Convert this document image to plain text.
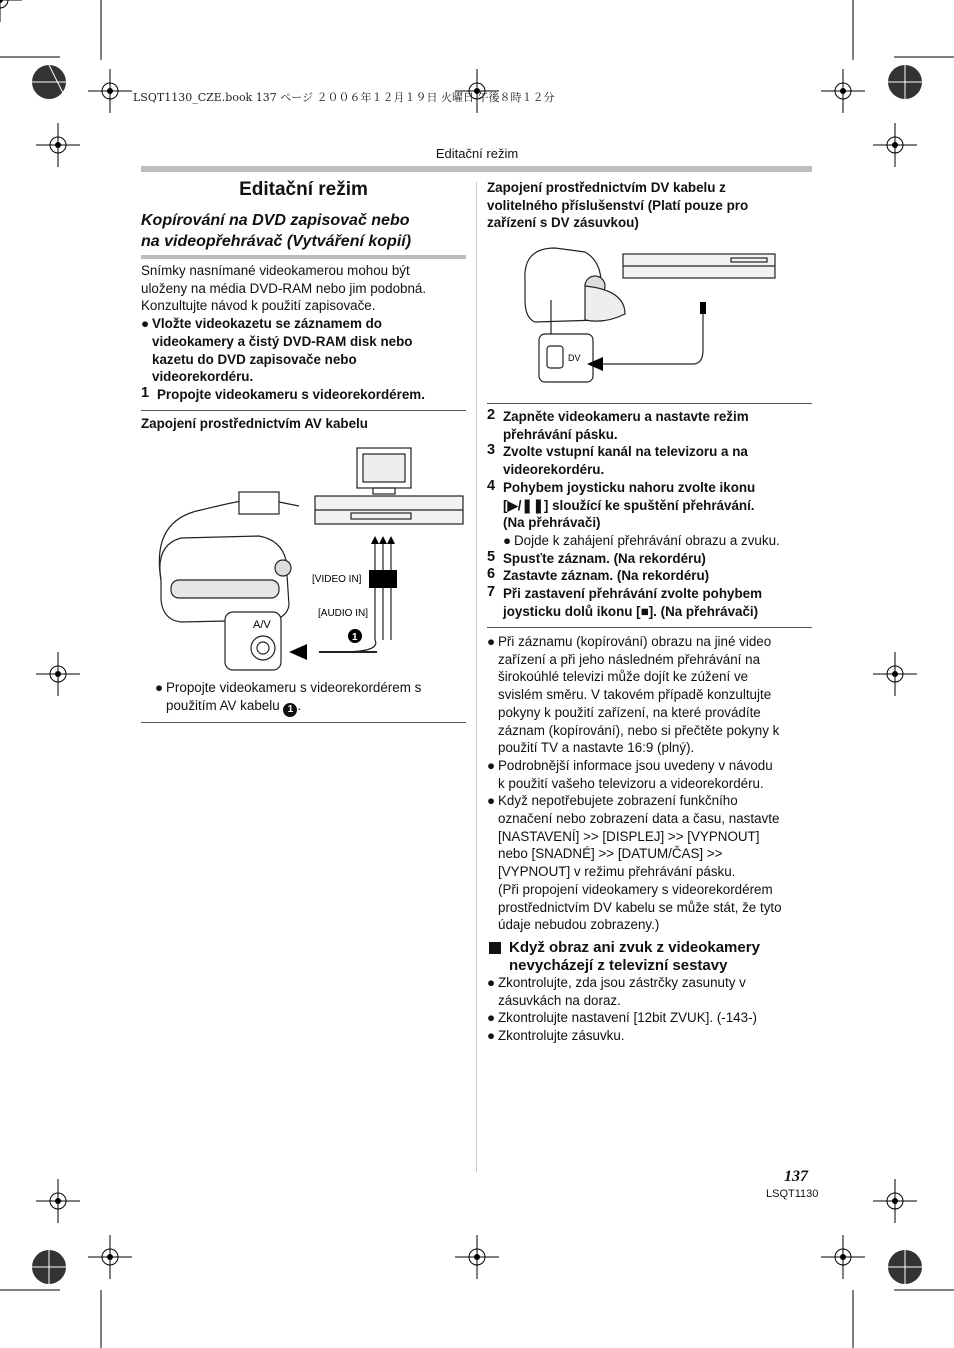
LSQT1130_CZE.book 137 ページ ２００６年１２月１９日 火曜日 午後８時１２分
Editační režim
Editační režim
Kopírování na DVD zapisovač nebo
na videopřehrávač (Vytváření kopií)
Snímky nasnímané videokamerou mohou být
uloženy na média DVD-RAM nebo jim podobná.
Konzultujte návod k použití zapisovače.
● Vložte videokazetu se záznamem do
videokamery a čistý DVD-RAM disk nebo
kazetu do DVD zapisovače nebo
videorekordéru.
1 Propojte videokameru s videorekordérem.
Zapojení prostřednictvím AV kabelu
[VIDEO IN]
[AUDIO IN]
A/V
1
● Propojte videokameru s videorekordérem s
použitím AV kabelu 1 .
Zapojení prostřednictvím DV kabelu z
volitelného příslušenství (Platí pouze pro
zařízení s DV zásuvkou)
DV
2 Zapněte videokameru a nastavte režim
přehrávání pásku.
3 Zvolte vstupní kanál na televizoru a na
videorekordéru.
4 Pohybem joysticku nahoru zvolte ikonu
[▶/❚❚] sloužící ke spuštění přehrávání.
(Na přehrávači)
● Dojde k zahájení přehrávání obrazu a zvuku.
5 Spusťte záznam. (Na rekordéru)
6 Zastavte záznam. (Na rekordéru)
7 Při zastavení přehrávání zvolte pohybem
joysticku dolů ikonu [■]. (Na přehrávači)
● Při záznamu (kopírování) obrazu na jiné video
zařízení a při jeho následném přehrávání na
širokoúhlé televizi může dojít ke zúžení ve
svislém směru. V takovém případě konzultujte
pokyny k použití zařízení, na které provádíte
záznam (kopírování), nebo si přečtěte pokyny k
použití TV a nastavte 16:9 (plný).
● Podrobnější informace jsou uvedeny v návodu
k použití vašeho televizoru a videorekordéru.
● Když nepotřebujete zobrazení funkčního
označení nebo zobrazení data a času, nastavte
[NASTAVENÍ] >> [DISPLEJ] >> [VYPNOUT]
nebo [SNADNÉ] >> [DATUM/ČAS] >>
[VYPNOUT] v režimu přehrávání pásku.
(Při propojení videokamery s videorekordérem
prostřednictvím DV kabelu se může stát, že tyto
údaje nebudou zobrazeny.)
Když obraz ani zvuk z videokamery
nevycházejí z televizní sestavy
● Zkontrolujte, zda jsou zástrčky zasunuty v
zásuvkách na doraz.
● Zkontrolujte nastavení [12bit ZVUK]. (-143-)
● Zkontrolujte zásuvku.
137
LSQT1130
